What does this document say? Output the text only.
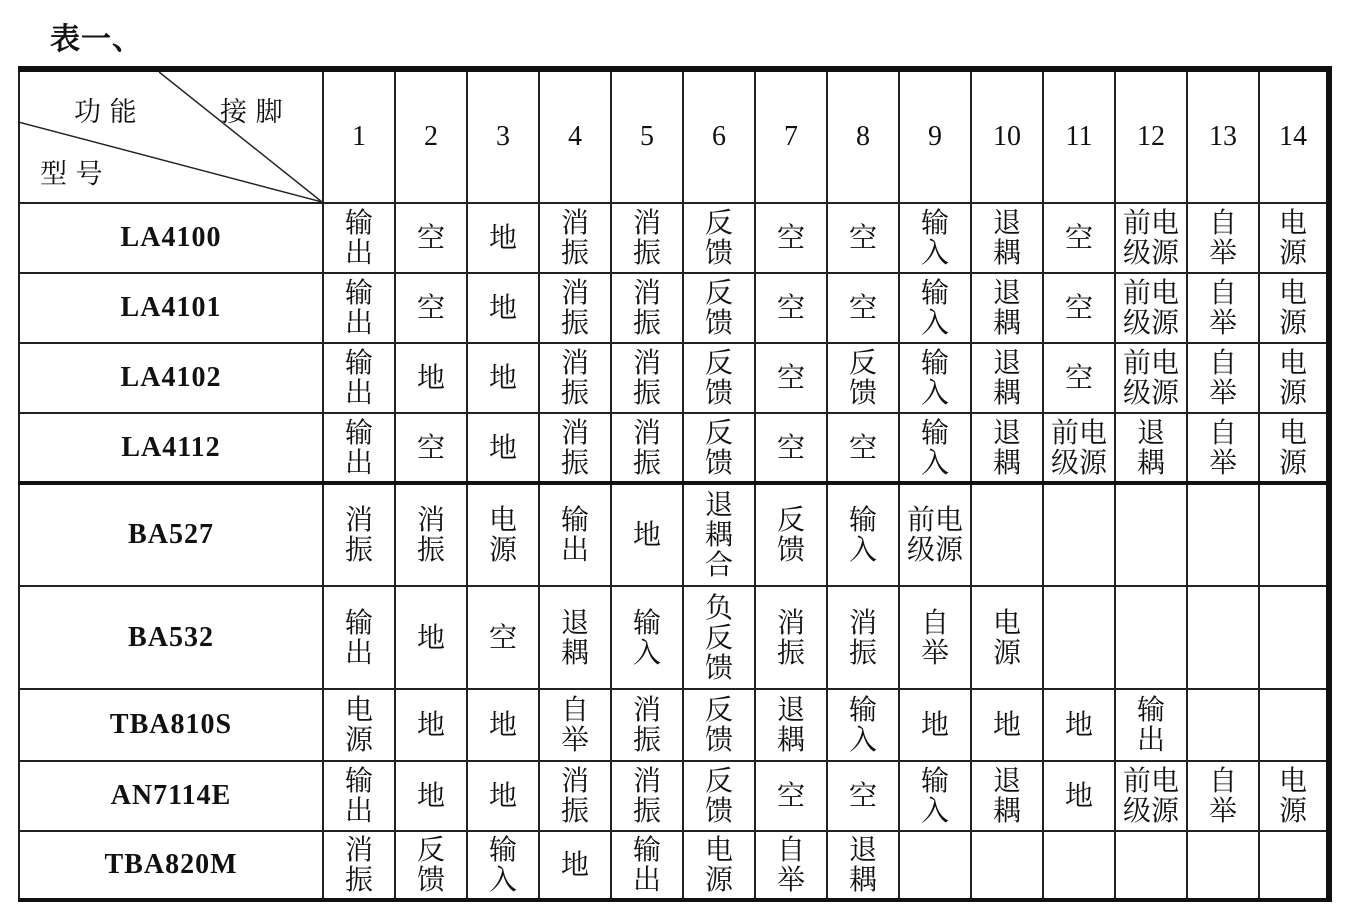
表一、
功 能 接 脚
型 号	1	2	3	4	5	6	7	8	9	10	11	12	13	14
LA4100	输出	空	地	消振	消振	反馈	空	空	输入	退耦	空	前电级源	自举	电源

LA4101	输出	空	地	消振	消振	反馈	空	空	输入	退耦	空	前电级源	自举	电源

LA4102	输出	地	地	消振	消振	反馈	空	反馈	输入	退耦	空	前电级源	自举	电源

LA4112	输出	空	地	消振	消振	反馈	空	空	输入	退耦	前电级源	退耦	自举	电源

BA527	消振	消振	电源	输出	地	退耦合	反馈	输入	前电级源					

BA532	输出	地	空	退耦	输入	负反馈	消振	消振	自举	电源				

TBA810S	电源	地	地	自举	消振	反馈	退耦	输入	地	地	地	输出		

AN7114E	输出	地	地	消振	消振	反馈	空	空	输入	退耦	地	前电级源	自举	电源

TBA820M	消振	反馈	输入	地	输出	电源	自举	退耦						
